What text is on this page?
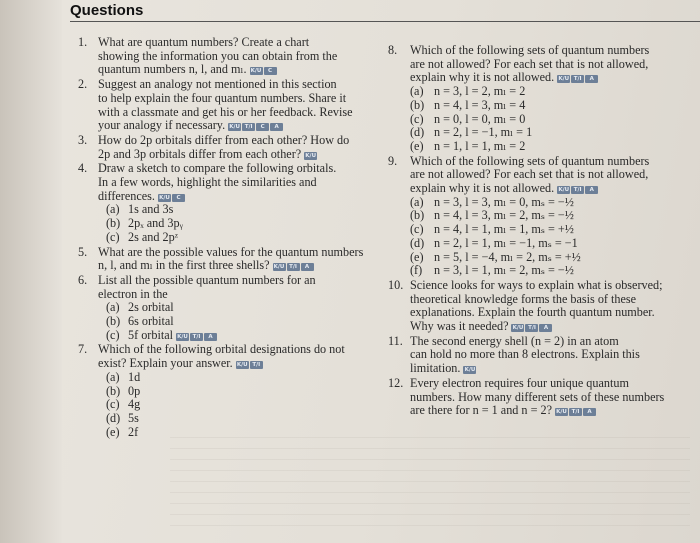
Questions
1. What are quantum numbers? Create a chart
showing the information you can obtain from the
quantum numbers n, l, and mₗ. K/U	C
2. Suggest an analogy not mentioned in this section
to help explain the four quantum numbers. Share it
with a classmate and get his or her feedback. Revise
your analogy if necessary. K/U T/I	C	A
3. How do 2p orbitals differ from each other? How do
2p and 3p orbitals differ from each other? K/U
4. Draw a sketch to compare the following orbitals.
In a few words, highlight the similarities and
differences. K/U	C
(a) 1s and 3s
(b) 2pₓ and 3pᵧ
(c) 2s and 2pᶻ
5. What are the possible values for the quantum numbers
n, l, and mₗ in the first three shells? K/U T/I	A
6. List all the possible quantum numbers for an
electron in the
(a) 2s orbital
(b) 6s orbital
(c) 5f orbital K/U T/I	A
7. Which of the following orbital designations do not
exist? Explain your answer. K/U T/I
(a) 1d
(b) 0p
(c) 4g
(d) 5s
(e) 2f
8. Which of the following sets of quantum numbers
are not allowed? For each set that is not allowed,
explain why it is not allowed. K/U T/I	A
(a) n = 3, l = 2, mₗ = 2
(b) n = 4, l = 3, mₗ = 4
(c) n = 0, l = 0, mₗ = 0
(d) n = 2, l = −1, mₗ = 1
(e) n = 1, l = 1, mₗ = 2
9. Which of the following sets of quantum numbers
are not allowed? For each set that is not allowed,
explain why it is not allowed. K/U T/I	A
(a) n = 3, l = 3, mₗ = 0, mₛ = −½
(b) n = 4, l = 3, mₗ = 2, mₛ = −½
(c) n = 4, l = 1, mₗ = 1, mₛ = +½
(d) n = 2, l = 1, mₗ = −1, mₛ = −1
(e) n = 5, l = −4, mₗ = 2, mₛ = +½
(f) n = 3, l = 1, mₗ = 2, mₛ = −½
10. Science looks for ways to explain what is observed;
theoretical knowledge forms the basis of these
explanations. Explain the fourth quantum number.
Why was it needed? K/U T/I	A
11. The second energy shell (n = 2) in an atom
can hold no more than 8 electrons. Explain this
limitation. K/U
12. Every electron requires four unique quantum
numbers. How many different sets of these numbers
are there for n = 1 and n = 2? K/U T/I	A
